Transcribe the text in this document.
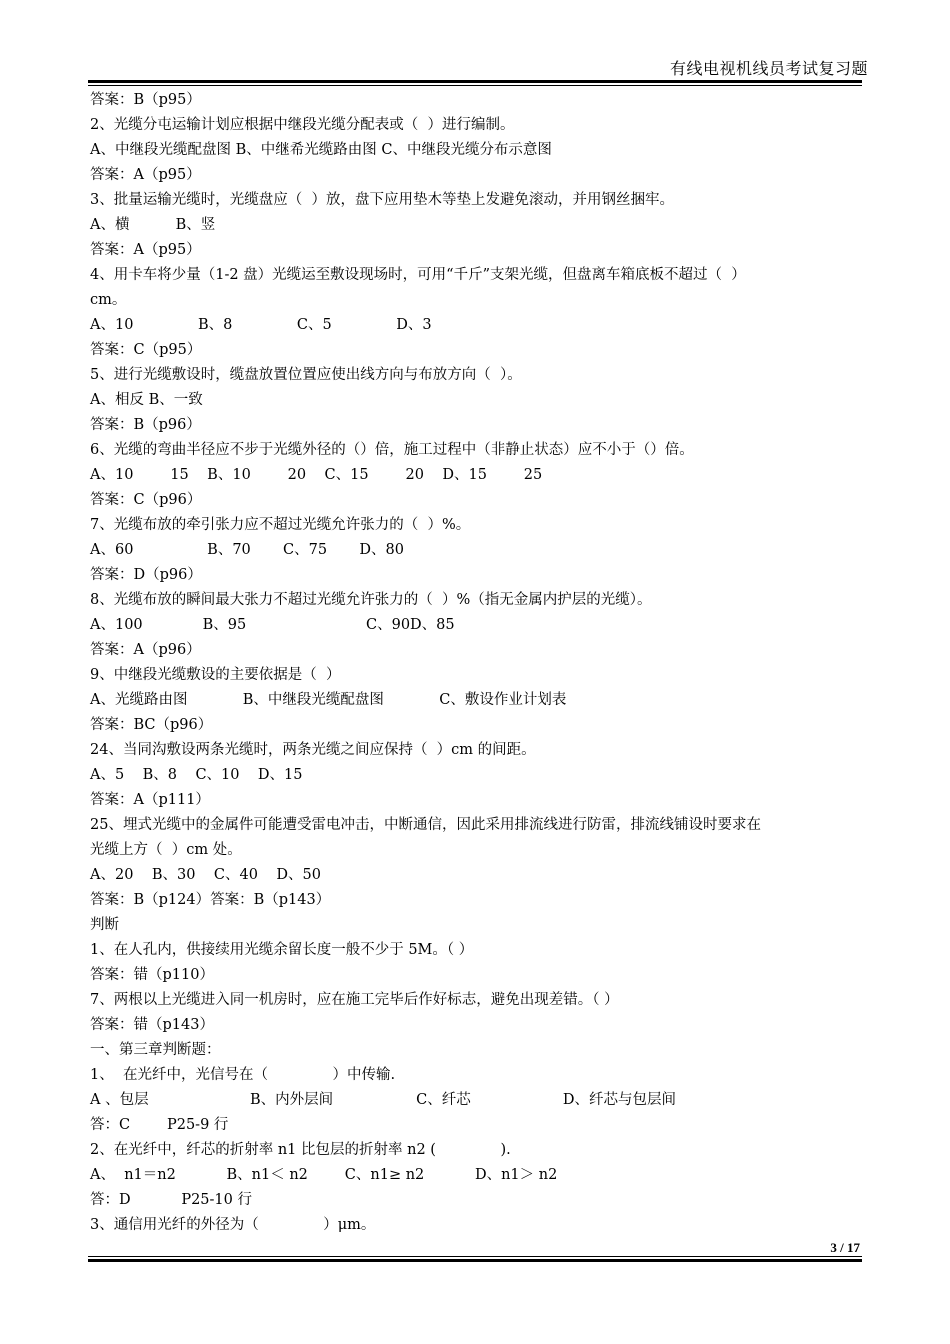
有线电视机线员考试复习题
答案：B（p95）
2、光缆分屯运输计划应根据中继段光缆分配表或（  ）进行编制。
A、中继段光缆配盘图 B、中继希光缆路由图 C、中继段光缆分布示意图
答案：A（p95）
3、批量运输光缆时，光缆盘应（  ）放，盘下应用垫木等垫上发避免滚动，并用钢丝捆牢。
A、横          B、竖
答案：A（p95）
4、用卡车将少量（1-2 盘）光缆运至敷设现场时，可用“千斤”支架光缆，但盘离车箱底板不超过（  ）
cm。
A、10              B、8              C、5              D、3
答案：C（p95）
5、进行光缆敷设时，缆盘放置位置应使出线方向与布放方向（  ）。
A、相反 B、一致
答案：B（p96）
6、光缆的弯曲半径应不步于光缆外径的（）倍，施工过程中（非静止状态）应不小于（）倍。
A、10        15    B、10        20    C、15        20    D、15        25
答案：C（p96）
7、光缆布放的牵引张力应不超过光缆允许张力的（  ）%。
A、60                B、70       C、75       D、80
答案：D（p96）
8、光缆布放的瞬间最大张力不超过光缆允许张力的（  ）%（指无金属内护层的光缆）。
A、100             B、95                          C、90D、85
答案：A（p96）
9、中继段光缆敷设的主要依据是（  ）
A、光缆路由图            B、中继段光缆配盘图            C、敷设作业计划表
答案：BC（p96）
24、当同沟敷设两条光缆时，两条光缆之间应保持（  ）cm 的间距。
A、5    B、8    C、10    D、15
答案：A（p111）
25、埋式光缆中的金属件可能遭受雷电冲击，中断通信，因此采用排流线进行防雷，排流线铺设时要求在
光缆上方（  ）cm 处。
A、20    B、30    C、40    D、50
答案：B（p124）答案：B（p143）
判断
1、在人孔内，供接续用光缆余留长度一般不少于 5M。（ ）
答案：错（p110）
7、两根以上光缆进入同一机房时，应在施工完毕后作好标志，避免出现差错。（ ）
答案：错（p143）
一、第三章判断题：
1、  在光纤中，光信号在（              ）中传输.
A 、包层                      B、内外层间                  C、纤芯                    D、纤芯与包层间
答：C        P25-9 行
2、在光纤中，纤芯的折射率 n1 比包层的折射率 n2 (              ).
A、  n1＝n2           B、n1＜ n2        C、n1≥ n2           D、n1＞ n2
答：D           P25-10 行
3、通信用光纤的外径为（              ）μm。
3 / 17
